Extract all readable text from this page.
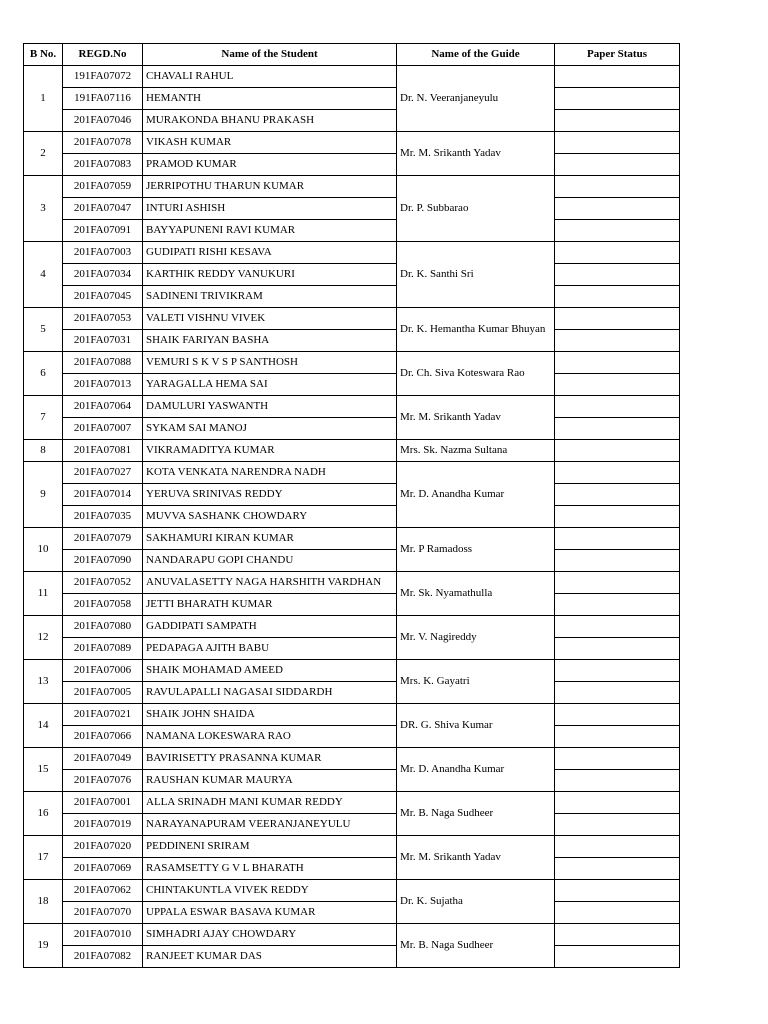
B No.	REGD.No	Name of the Student	Name of the Guide	Paper Status
1	191FA07072	CHAVALI RAHUL	Dr. N. Veeranjaneyulu	
	191FA07116	HEMANTH		
	201FA07046	MURAKONDA BHANU PRAKASH		
2	201FA07078	VIKASH KUMAR	Mr. M. Srikanth Yadav	
	201FA07083	PRAMOD KUMAR		
3	201FA07059	JERRIPOTHU THARUN KUMAR	Dr. P. Subbarao	
	201FA07047	INTURI ASHISH		
	201FA07091	BAYYAPUNENI RAVI KUMAR		
4	201FA07003	GUDIPATI RISHI KESAVA	Dr. K. Santhi Sri	
	201FA07034	KARTHIK REDDY VANUKURI		
	201FA07045	SADINENI TRIVIKRAM		
5	201FA07053	VALETI VISHNU VIVEK	Dr. K. Hemantha Kumar Bhuyan	
	201FA07031	SHAIK FARIYAN BASHA		
6	201FA07088	VEMURI S K V S P SANTHOSH	Dr. Ch. Siva Koteswara Rao	
	201FA07013	YARAGALLA HEMA SAI		
7	201FA07064	DAMULURI YASWANTH	Mr. M. Srikanth Yadav	
	201FA07007	SYKAM SAI MANOJ		
8	201FA07081	VIKRAMADITYA KUMAR	Mrs. Sk. Nazma Sultana	
9	201FA07027	KOTA VENKATA NARENDRA NADH	Mr. D. Anandha Kumar	
	201FA07014	YERUVA SRINIVAS REDDY		
	201FA07035	MUVVA SASHANK CHOWDARY		
10	201FA07079	SAKHAMURI KIRAN KUMAR	Mr. P Ramadoss	
	201FA07090	NANDARAPU GOPI CHANDU		
11	201FA07052	ANUVALASETTY NAGA HARSHITH VARDHAN	Mr. Sk. Nyamathulla	
	201FA07058	JETTI BHARATH KUMAR		
12	201FA07080	GADDIPATI SAMPATH	Mr. V. Nagireddy	
	201FA07089	PEDAPAGA AJITH BABU		
13	201FA07006	SHAIK MOHAMAD AMEED	Mrs. K. Gayatri	
	201FA07005	RAVULAPALLI NAGASAI SIDDARDH		
14	201FA07021	SHAIK JOHN SHAIDA	DR. G. Shiva Kumar	
	201FA07066	NAMANA LOKESWARA RAO		
15	201FA07049	BAVIRISETTY PRASANNA KUMAR	Mr. D. Anandha Kumar	
	201FA07076	RAUSHAN KUMAR MAURYA		
16	201FA07001	ALLA SRINADH MANI KUMAR REDDY	Mr. B. Naga Sudheer	
	201FA07019	NARAYANAPURAM VEERANJANEYULU		
17	201FA07020	PEDDINENI SRIRAM	Mr. M. Srikanth Yadav	
	201FA07069	RASAMSETTY G V L BHARATH		
18	201FA07062	CHINTAKUNTLA VIVEK REDDY	Dr. K. Sujatha	
	201FA07070	UPPALA ESWAR BASAVA KUMAR		
19	201FA07010	SIMHADRI AJAY CHOWDARY	Mr. B. Naga Sudheer	
	201FA07082	RANJEET KUMAR DAS		
